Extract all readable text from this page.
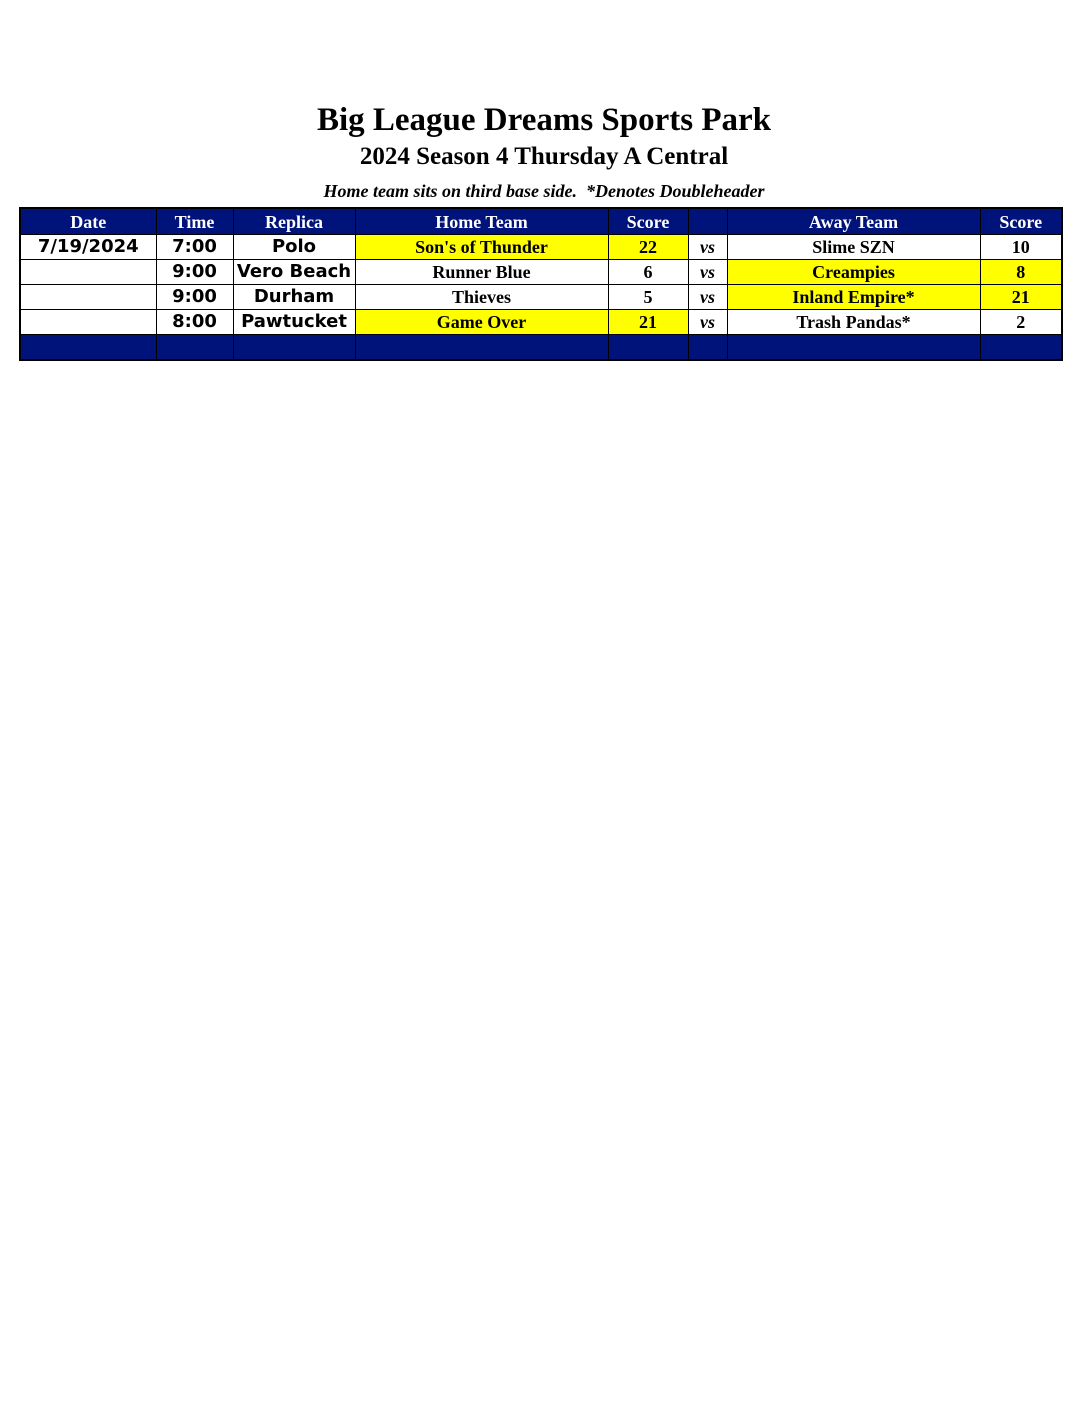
Big League Dreams Sports Park
2024 Season 4 Thursday A Central
Home team sits on third base side.  *Denotes Doubleheader
Date	Time	Replica	Home Team	Score		Away Team	Score
7/19/2024	7:00	Polo	Son's of Thunder	22	vs	Slime SZN	10
	9:00	Vero Beach	Runner Blue	6	vs	Creampies	8
	9:00	Durham	Thieves	5	vs	Inland Empire*	21
	8:00	Pawtucket	Game Over	21	vs	Trash Pandas*	2
